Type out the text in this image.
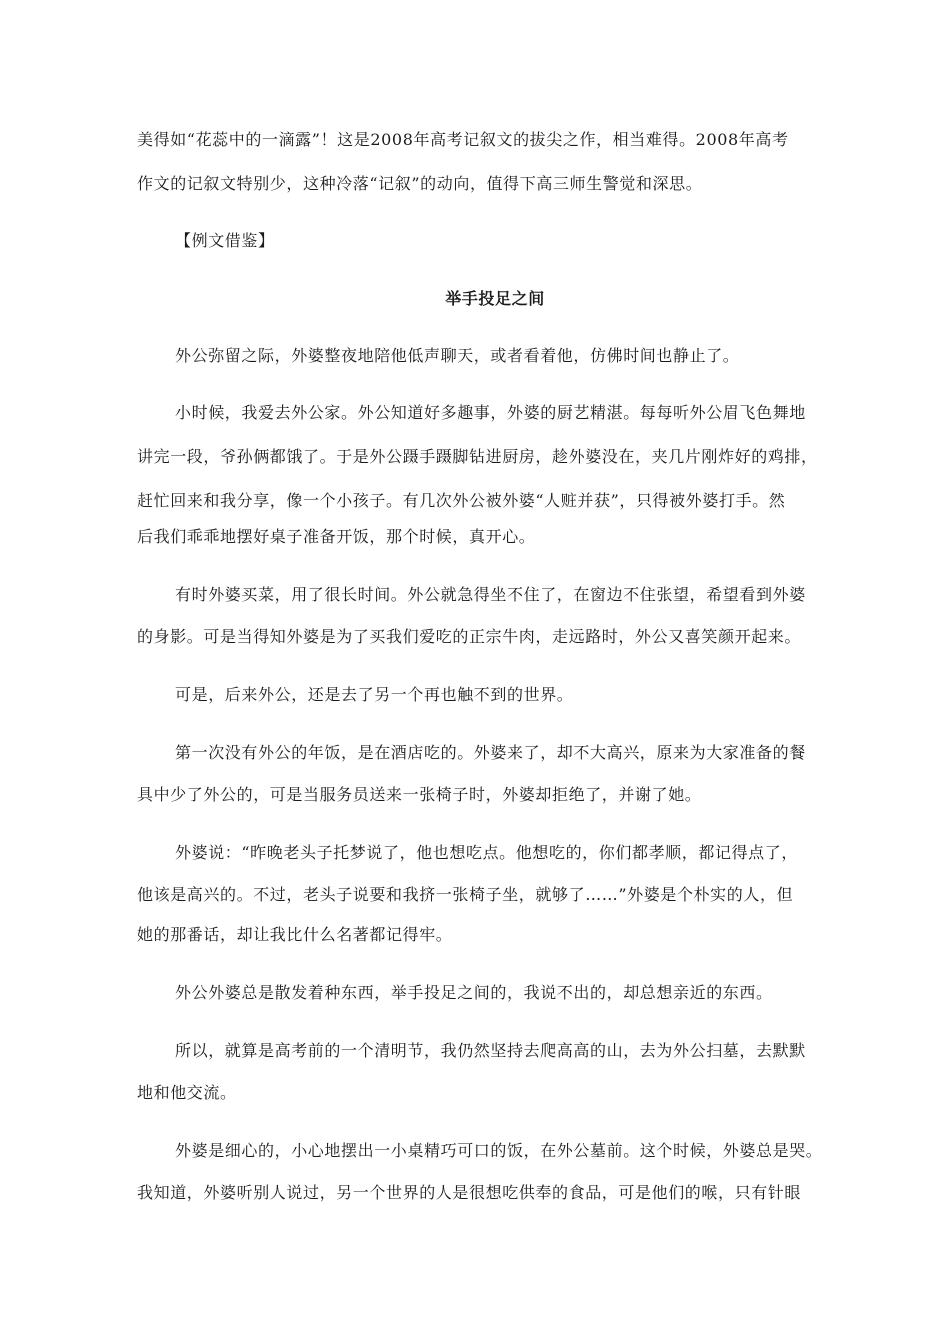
美得如“花蕊中的一滴露”！这是2008年高考记叙文的拔尖之作，相当难得。2008年高考
作文的记叙文特别少，这种冷落“记叙”的动向，值得下高三师生警觉和深思。
【例文借鉴】
举手投足之间
外公弥留之际，外婆整夜地陪他低声聊天，或者看着他，仿佛时间也静止了。
小时候，我爱去外公家。外公知道好多趣事，外婆的厨艺精湛。每每听外公眉飞色舞地
讲完一段，爷孙俩都饿了。于是外公蹑手蹑脚钻进厨房，趁外婆没在，夹几片刚炸好的鸡排，
赶忙回来和我分享，像一个小孩子。有几次外公被外婆“人赃并获”，只得被外婆打手。然
后我们乖乖地摆好桌子准备开饭，那个时候，真开心。
有时外婆买菜，用了很长时间。外公就急得坐不住了，在窗边不住张望，希望看到外婆
的身影。可是当得知外婆是为了买我们爱吃的正宗牛肉，走远路时，外公又喜笑颜开起来。
可是，后来外公，还是去了另一个再也触不到的世界。
第一次没有外公的年饭，是在酒店吃的。外婆来了，却不大高兴，原来为大家准备的餐
具中少了外公的，可是当服务员送来一张椅子时，外婆却拒绝了，并谢了她。
外婆说：“昨晚老头子托梦说了，他也想吃点。他想吃的，你们都孝顺，都记得点了，
他该是高兴的。不过，老头子说要和我挤一张椅子坐，就够了……”外婆是个朴实的人，但
她的那番话，却让我比什么名著都记得牢。
外公外婆总是散发着种东西，举手投足之间的，我说不出的，却总想亲近的东西。
所以，就算是高考前的一个清明节，我仍然坚持去爬高高的山，去为外公扫墓，去默默
地和他交流。
外婆是细心的，小心地摆出一小桌精巧可口的饭，在外公墓前。这个时候，外婆总是哭。
我知道，外婆听别人说过，另一个世界的人是很想吃供奉的食品，可是他们的喉，只有针眼
